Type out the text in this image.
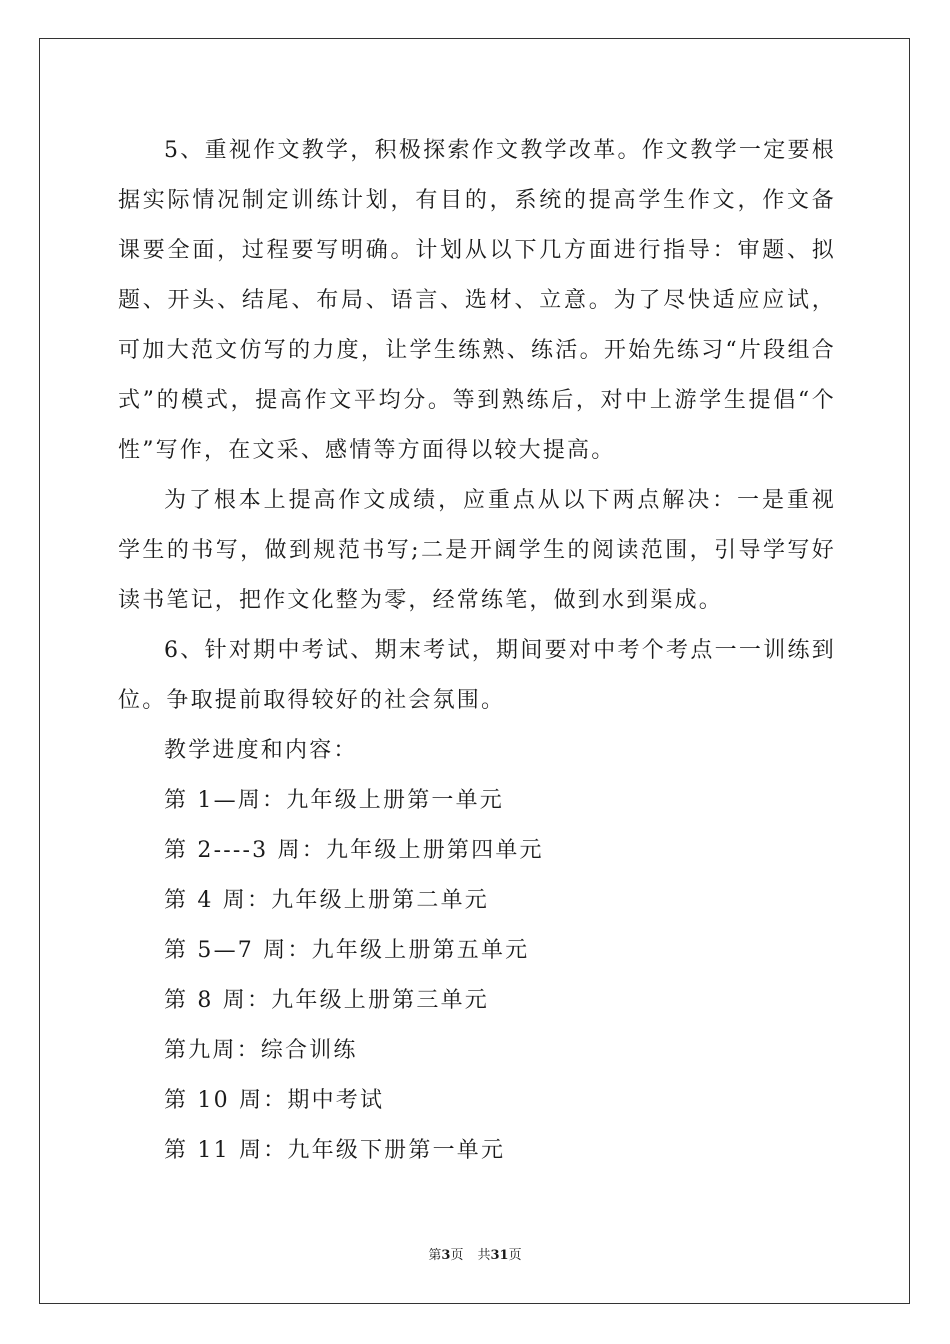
5、重视作文教学，积极探索作文教学改革。作文教学一定要根据实际情况制定训练计划，有目的，系统的提高学生作文，作文备课要全面，过程要写明确。计划从以下几方面进行指导：审题、拟题、开头、结尾、布局、语言、选材、立意。为了尽快适应应试，可加大范文仿写的力度，让学生练熟、练活。开始先练习“片段组合式”的模式，提高作文平均分。等到熟练后，对中上游学生提倡“个性”写作，在文采、感情等方面得以较大提高。

为了根本上提高作文成绩，应重点从以下两点解决：一是重视学生的书写，做到规范书写;二是开阔学生的阅读范围，引导学写好读书笔记，把作文化整为零，经常练笔，做到水到渠成。

6、针对期中考试、期末考试，期间要对中考个考点一一训练到位。争取提前取得较好的社会氛围。

教学进度和内容：

第 1—周：九年级上册第一单元

第 2----3 周：九年级上册第四单元

第 4 周：九年级上册第二单元

第 5—7 周：九年级上册第五单元

第 8 周：九年级上册第三单元

第九周：综合训练

第 10 周：期中考试

第 11 周：九年级下册第一单元

第3页 共31页
